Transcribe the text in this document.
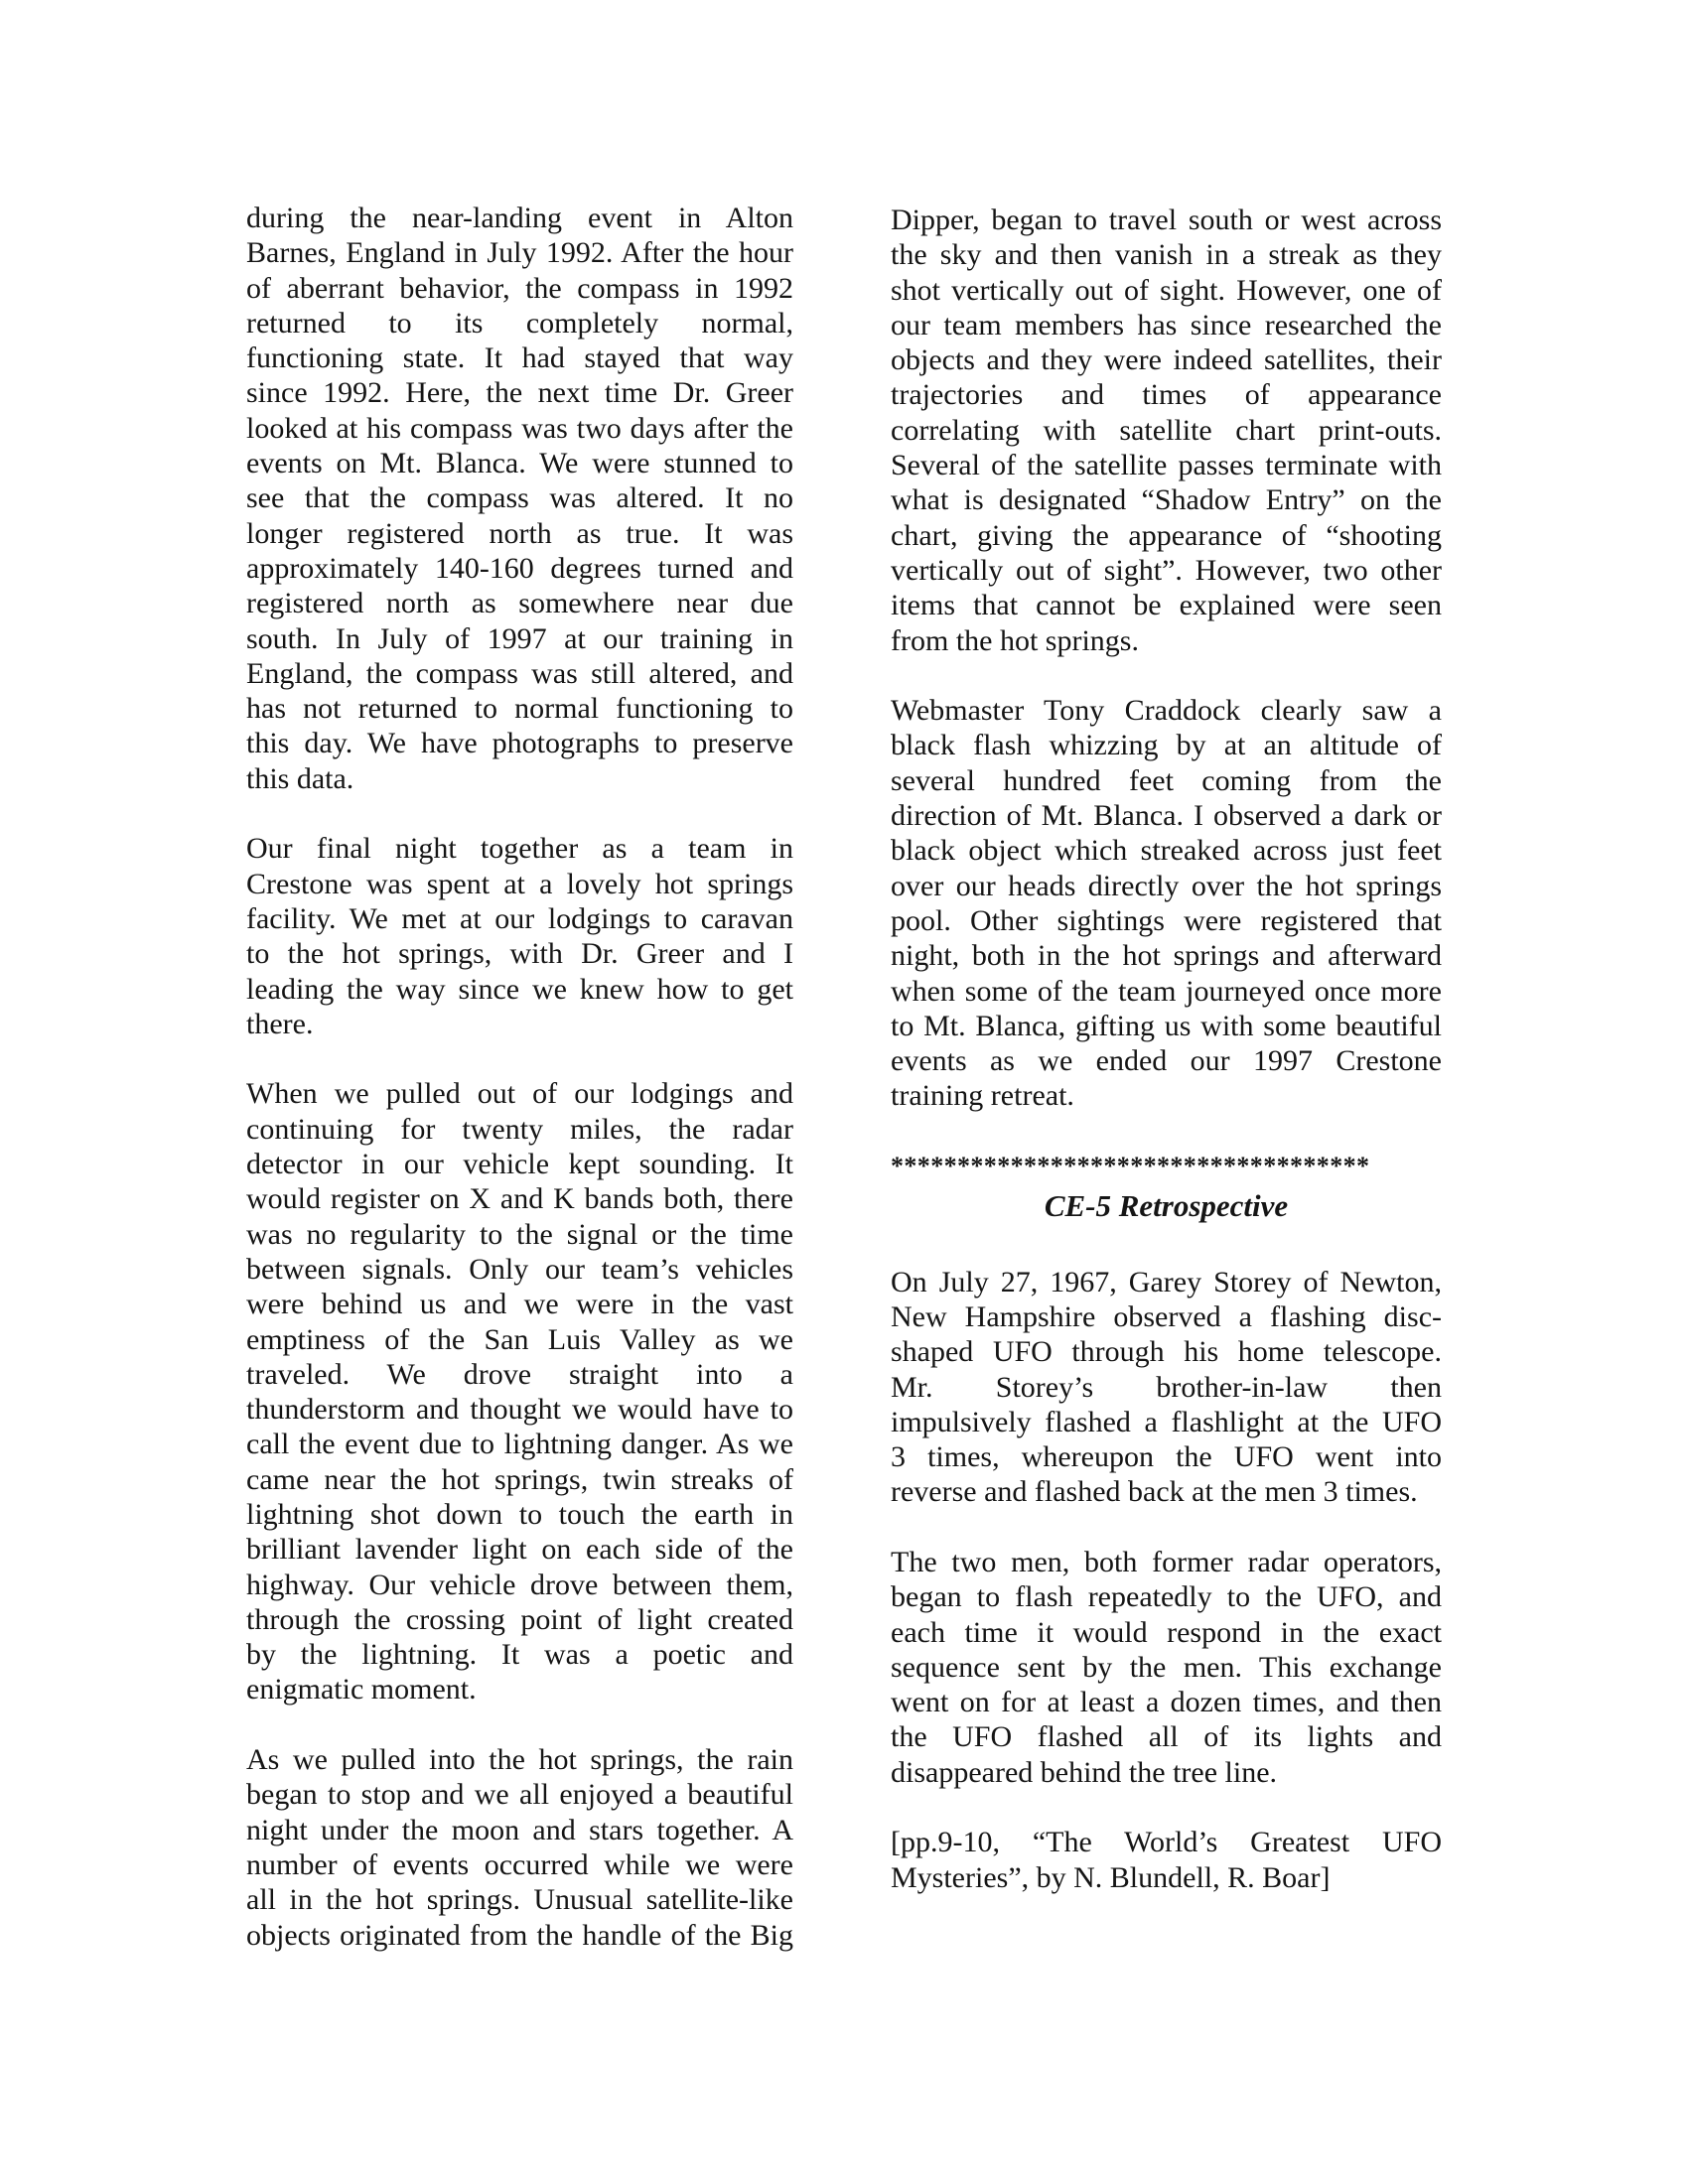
during the near-landing event in Alton
Barnes, England in July 1992. After the hour
of aberrant behavior, the compass in 1992
returned to its completely normal,
functioning state. It had stayed that way
since 1992. Here, the next time Dr. Greer
looked at his compass was two days after the
events on Mt. Blanca. We were stunned to
see that the compass was altered. It no
longer registered north as true. It was
approximately 140-160 degrees turned and
registered north as somewhere near due
south. In July of 1997 at our training in
England, the compass was still altered, and
has not returned to normal functioning to
this day. We have photographs to preserve
this data.
Our final night together as a team in
Crestone was spent at a lovely hot springs
facility. We met at our lodgings to caravan
to the hot springs, with Dr. Greer and I
leading the way since we knew how to get
there.
When we pulled out of our lodgings and
continuing for twenty miles, the radar
detector in our vehicle kept sounding. It
would register on X and K bands both, there
was no regularity to the signal or the time
between signals. Only our team’s vehicles
were behind us and we were in the vast
emptiness of the San Luis Valley as we
traveled. We drove straight into a
thunderstorm and thought we would have to
call the event due to lightning danger. As we
came near the hot springs, twin streaks of
lightning shot down to touch the earth in
brilliant lavender light on each side of the
highway. Our vehicle drove between them,
through the crossing point of light created
by the lightning. It was a poetic and
enigmatic moment.
As we pulled into the hot springs, the rain
began to stop and we all enjoyed a beautiful
night under the moon and stars together. A
number of events occurred while we were
all in the hot springs. Unusual satellite-like
objects originated from the handle of the Big
Dipper, began to travel south or west across
the sky and then vanish in a streak as they
shot vertically out of sight. However, one of
our team members has since researched the
objects and they were indeed satellites, their
trajectories and times of appearance
correlating with satellite chart print-outs.
Several of the satellite passes terminate with
what is designated “Shadow Entry” on the
chart, giving the appearance of “shooting
vertically out of sight”. However, two other
items that cannot be explained were seen
from the hot springs.
Webmaster Tony Craddock clearly saw a
black flash whizzing by at an altitude of
several hundred feet coming from the
direction of Mt. Blanca. I observed a dark or
black object which streaked across just feet
over our heads directly over the hot springs
pool. Other sightings were registered that
night, both in the hot springs and afterward
when some of the team journeyed once more
to Mt. Blanca, gifting us with some beautiful
events as we ended our 1997 Crestone
training retreat.
************************************
CE-5 Retrospective
On July 27, 1967, Garey Storey of Newton,
New Hampshire observed a flashing disc-
shaped UFO through his home telescope.
Mr. Storey’s brother-in-law then
impulsively flashed a flashlight at the UFO
3 times, whereupon the UFO went into
reverse and flashed back at the men 3 times.
The two men, both former radar operators,
began to flash repeatedly to the UFO, and
each time it would respond in the exact
sequence sent by the men. This exchange
went on for at least a dozen times, and then
the UFO flashed all of its lights and
disappeared behind the tree line.
[pp.9-10, “The World’s Greatest UFO
Mysteries”, by N. Blundell, R. Boar]
